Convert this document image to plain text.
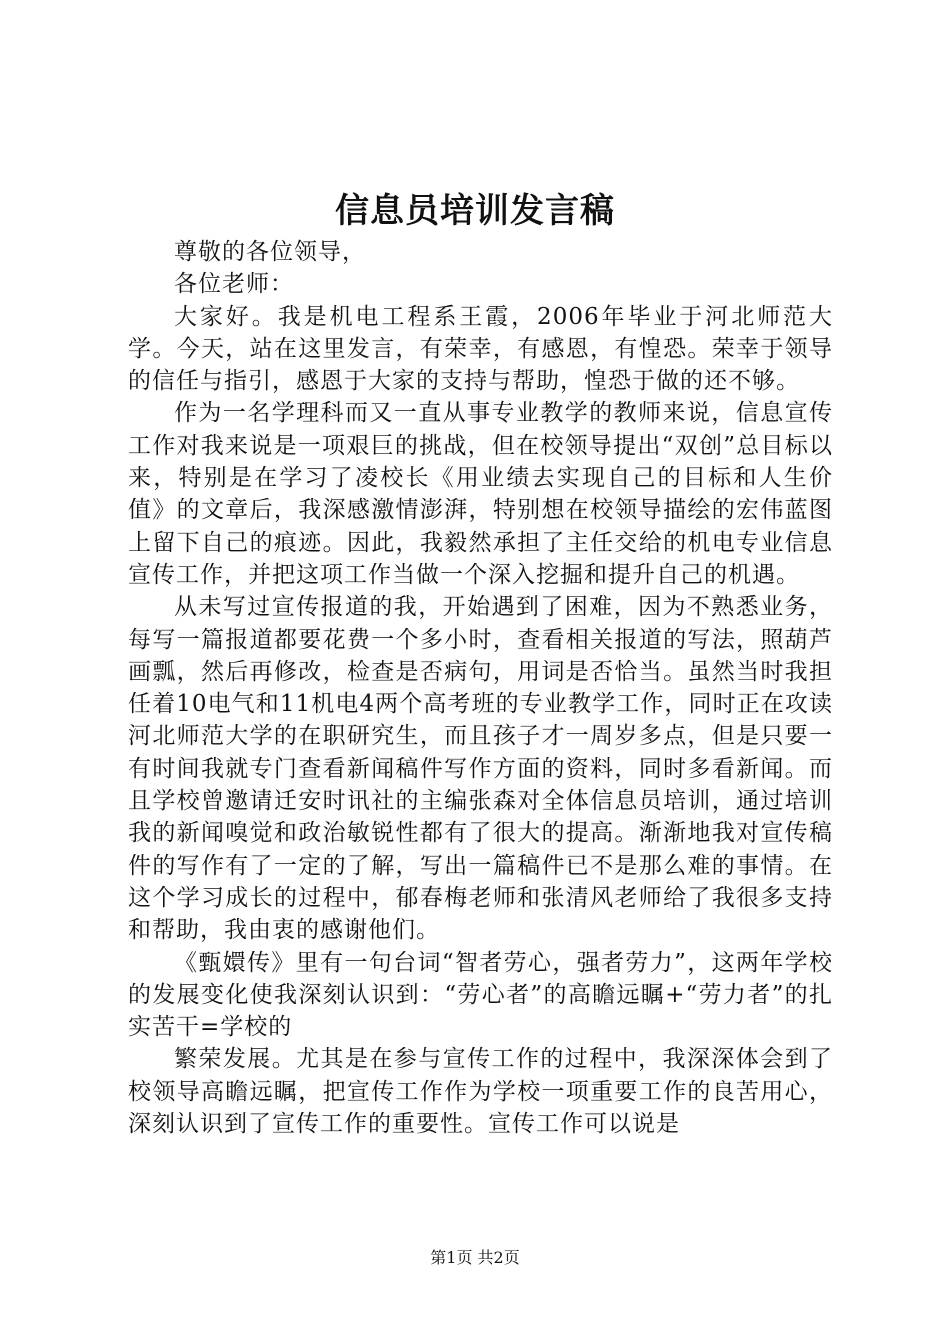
信息员培训发言稿

尊敬的各位领导，

各位老师：

大家好。我是机电工程系王霞，2006年毕业于河北师范大学。今天，站在这里发言，有荣幸，有感恩，有惶恐。荣幸于领导的信任与指引，感恩于大家的支持与帮助，惶恐于做的还不够。

作为一名学理科而又一直从事专业教学的教师来说，信息宣传工作对我来说是一项艰巨的挑战，但在校领导提出“双创”总目标以来，特别是在学习了凌校长《用业绩去实现自己的目标和人生价值》的文章后，我深感激情澎湃，特别想在校领导描绘的宏伟蓝图上留下自己的痕迹。因此，我毅然承担了主任交给的机电专业信息宣传工作，并把这项工作当做一个深入挖掘和提升自己的机遇。

从未写过宣传报道的我，开始遇到了困难，因为不熟悉业务，每写一篇报道都要花费一个多小时，查看相关报道的写法，照葫芦画瓢，然后再修改，检查是否病句，用词是否恰当。虽然当时我担任着10电气和11机电4两个高考班的专业教学工作，同时正在攻读河北师范大学的在职研究生，而且孩子才一周岁多点，但是只要一有时间我就专门查看新闻稿件写作方面的资料，同时多看新闻。而且学校曾邀请迁安时讯社的主编张森对全体信息员培训，通过培训我的新闻嗅觉和政治敏锐性都有了很大的提高。渐渐地我对宣传稿件的写作有了一定的了解，写出一篇稿件已不是那么难的事情。在这个学习成长的过程中，郁春梅老师和张清风老师给了我很多支持和帮助，我由衷的感谢他们。

《甄嬛传》里有一句台词“智者劳心，强者劳力”，这两年学校的发展变化使我深刻认识到：“劳心者”的高瞻远瞩+“劳力者”的扎实苦干=学校的

繁荣发展。尤其是在参与宣传工作的过程中，我深深体会到了校领导高瞻远瞩，把宣传工作作为学校一项重要工作的良苦用心，深刻认识到了宣传工作的重要性。宣传工作可以说是

第1页 共2页
